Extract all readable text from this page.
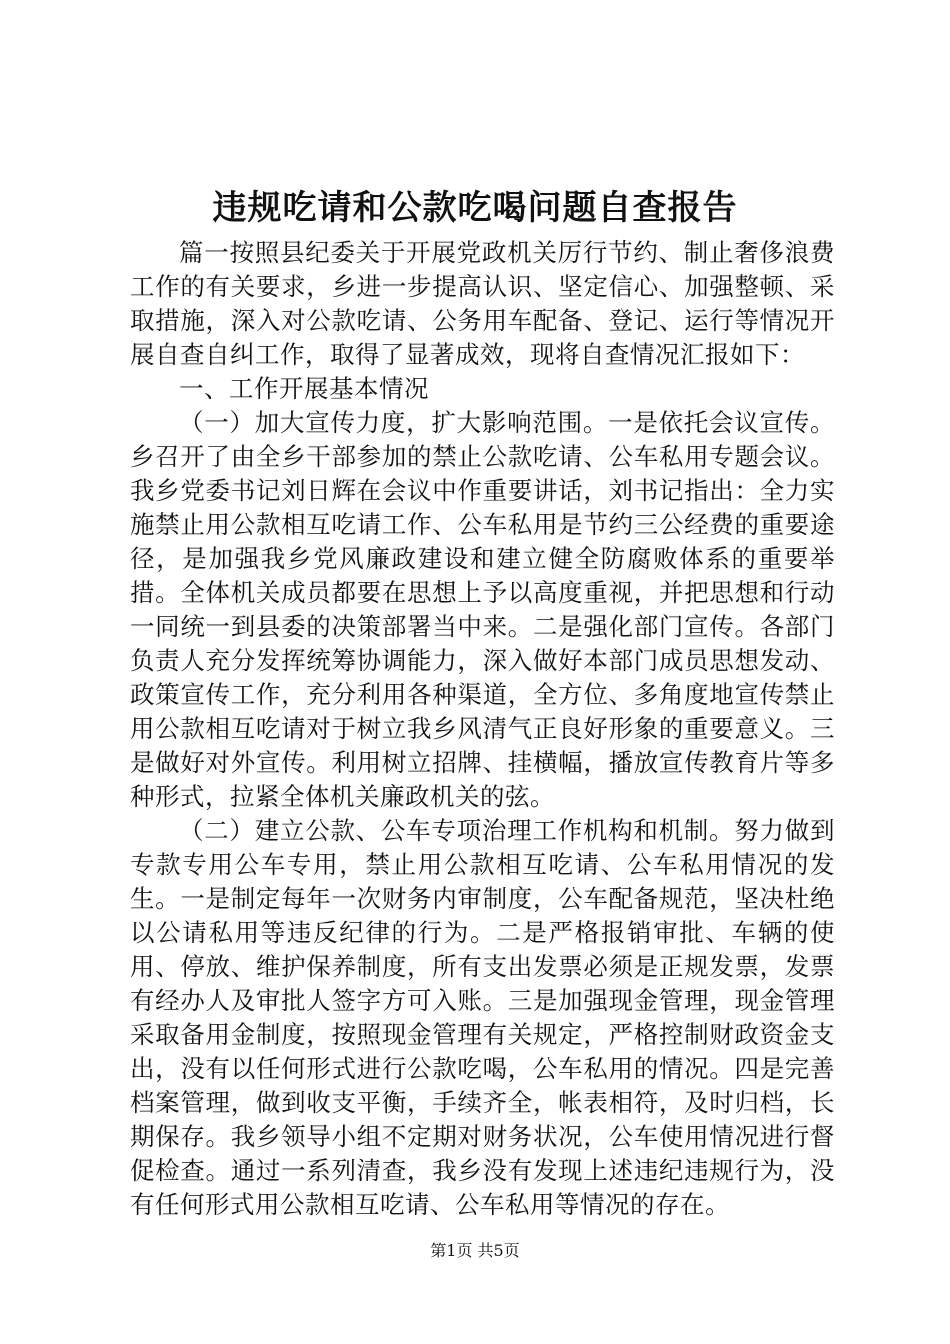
违规吃请和公款吃喝问题自查报告

篇一按照县纪委关于开展党政机关厉行节约、制止奢侈浪费工作的有关要求，乡进一步提高认识、坚定信心、加强整顿、采取措施，深入对公款吃请、公务用车配备、登记、运行等情况开展自查自纠工作，取得了显著成效，现将自查情况汇报如下：

一、工作开展基本情况

（一）加大宣传力度，扩大影响范围。一是依托会议宣传。乡召开了由全乡干部参加的禁止公款吃请、公车私用专题会议。我乡党委书记刘日辉在会议中作重要讲话，刘书记指出：全力实施禁止用公款相互吃请工作、公车私用是节约三公经费的重要途径，是加强我乡党风廉政建设和建立健全防腐败体系的重要举措。全体机关成员都要在思想上予以高度重视，并把思想和行动一同统一到县委的决策部署当中来。二是强化部门宣传。各部门负责人充分发挥统筹协调能力，深入做好本部门成员思想发动、政策宣传工作，充分利用各种渠道，全方位、多角度地宣传禁止用公款相互吃请对于树立我乡风清气正良好形象的重要意义。三是做好对外宣传。利用树立招牌、挂横幅，播放宣传教育片等多种形式，拉紧全体机关廉政机关的弦。

（二）建立公款、公车专项治理工作机构和机制。努力做到专款专用公车专用，禁止用公款相互吃请、公车私用情况的发生。一是制定每年一次财务内审制度，公车配备规范，坚决杜绝以公请私用等违反纪律的行为。二是严格报销审批、车辆的使用、停放、维护保养制度，所有支出发票必须是正规发票，发票有经办人及审批人签字方可入账。三是加强现金管理，现金管理采取备用金制度，按照现金管理有关规定，严格控制财政资金支出，没有以任何形式进行公款吃喝，公车私用的情况。四是完善档案管理，做到收支平衡，手续齐全，帐表相符，及时归档，长期保存。我乡领导小组不定期对财务状况，公车使用情况进行督促检查。通过一系列清查，我乡没有发现上述违纪违规行为，没有任何形式用公款相互吃请、公车私用等情况的存在。

第1页 共5页
